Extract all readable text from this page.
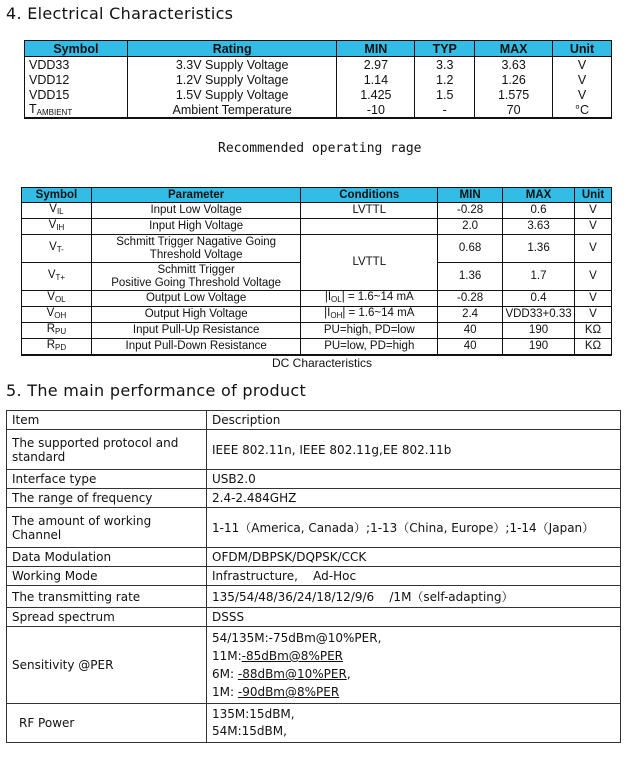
4. Electrical Characteristics
Symbol	Rating	MIN	TYP	MAX	Unit
VDD33	3.3V Supply Voltage	2.97	3.3	3.63	V
VDD12	1.2V Supply Voltage	1.14	1.2	1.26	V
VDD15	1.5V Supply Voltage	1.425	1.5	1.575	V
$T_{AMBIENT}$	Ambient Temperature	-10	-	70	°C
Recommended operating rage
Symbol	Parameter	Conditions	MIN	MAX	Unit
$V_{IL}$	Input Low Voltage	LVTTL	-0.28	0.6	V
$V_{IH}$	Input High Voltage		2.0	3.63	V
$V_{T-}$	Schmitt Trigger Nagative Going
Threshold Voltage	LVTTL	0.68	1.36	V
$V_{T+}$	Schmitt Trigger
Positive Going Threshold Voltage		1.36	1.7	V
$V_{OL}$	Output Low Voltage	$|I_{OL}|$ = 1.6~14 mA	-0.28	0.4	V
$V_{OH}$	Output High Voltage	$|I_{OH}|$ = 1.6~14 mA	2.4	VDD33+0.33	V
$R_{PU}$	Input Pull-Up Resistance	PU=high, PD=low	40	190	KΩ
$R_{PD}$	Input Pull-Down Resistance	PU=low, PD=high	40	190	KΩ
DC Characteristics
5. The main performance of product
Item	Description
The supported protocol and standard	IEEE 802.11n, IEEE 802.11g,EE 802.11b
Interface type	USB2.0
The range of frequency	2.4-2.484GHZ
The amount of working Channel	1-11（America, Canada）;1-13（China, Europe）;1-14（Japan）
Data Modulation	OFDM/DBPSK/DQPSK/CCK
Working Mode	Infrastructure,    Ad-Hoc
The transmitting rate	135/54/48/36/24/18/12/9/6    /1M（self-adapting）
Spread spectrum	DSSS
Sensitivity @PER	54/135M:-75dBm@10%PER,
11M:-85dBm@8%PER
6M: -88dBm@10%PER,
1M: -90dBm@8%PER

RF Power	135M:15dBM,
54M:15dBM,
